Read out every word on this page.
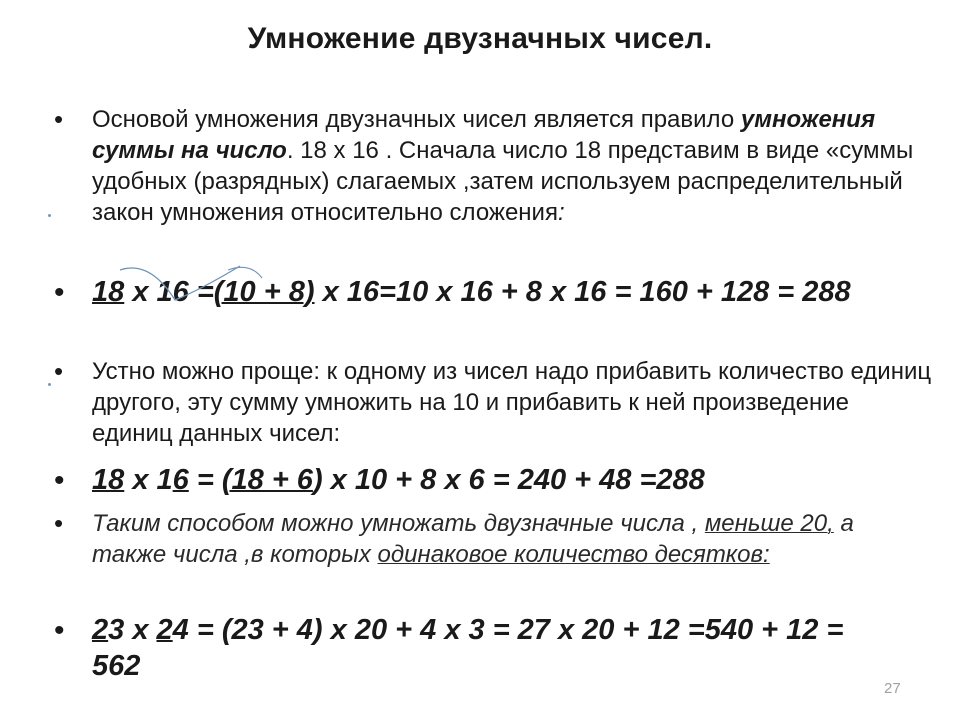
Умножение двузначных чисел.
• Основой умножения двузначных чисел является правило умножения суммы на число. 18 х 16 . Сначала число 18 представим в виде «суммы удобных (разрядных) слагаемых ,затем используем распределительный закон умножения относительно сложения:
• 18 х 16 =(10 + 8) х 16=10 х 16 + 8 х 16 = 160 + 128 = 288
• Устно можно проще: к одному из чисел надо прибавить количество единиц другого, эту сумму умножить на 10 и прибавить к ней произведение единиц данных чисел:
• 18 х 16 = (18 + 6) х 10 + 8 х 6 = 240 + 48 =288
• Таким способом можно умножать двузначные числа , меньше 20, а также числа ,в которых одинаковое количество десятков:
• 23 х 24 = (23 + 4) х 20 + 4 х 3 = 27 х 20 + 12 =540 + 12 = 562
27
